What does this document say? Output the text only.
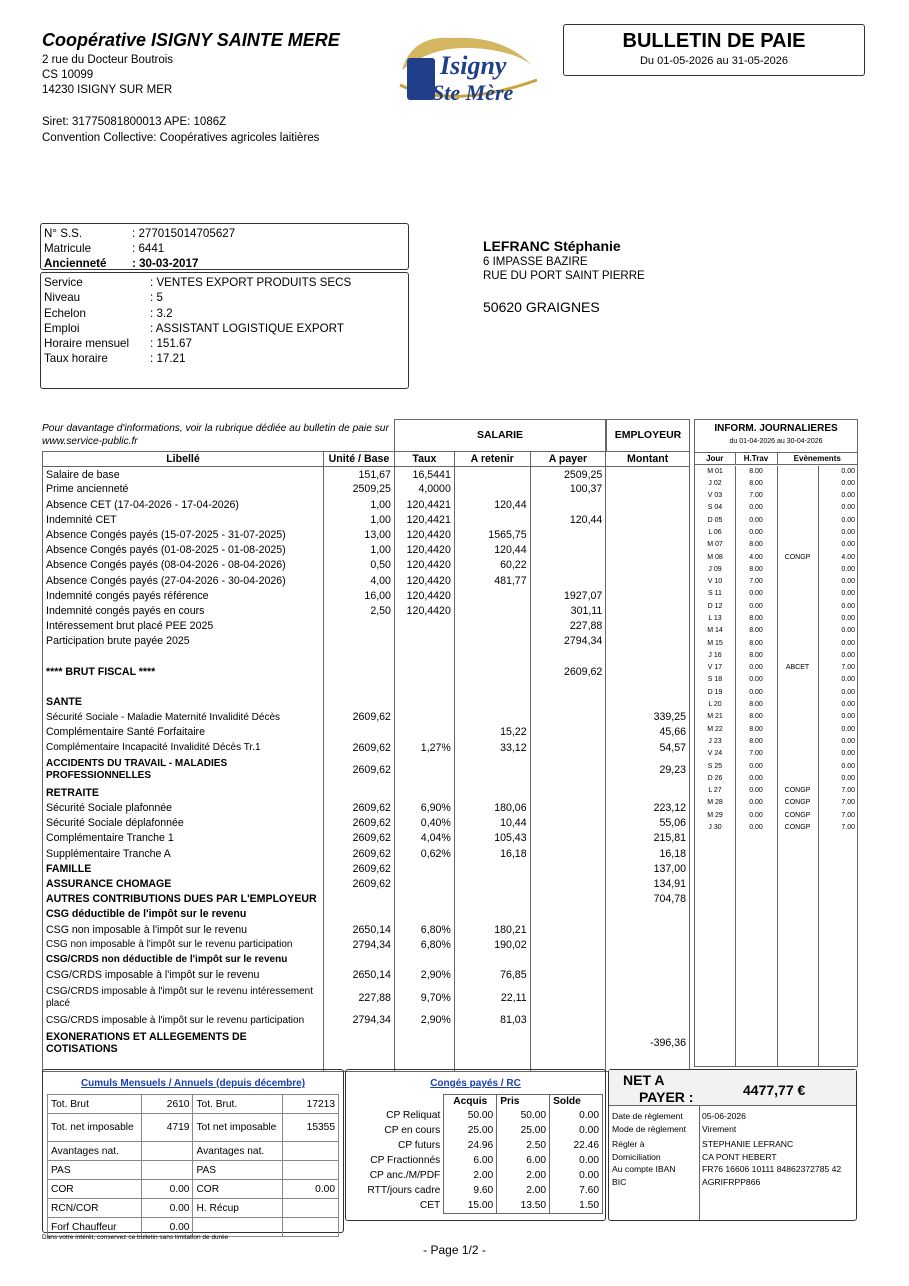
Coopérative ISIGNY SAINTE MERE
2 rue du Docteur Boutrois
CS 10099
14230 ISIGNY SUR MER
Siret: 31775081800013 APE: 1086Z
Convention Collective: Coopératives agricoles laitières
Isigny
Ste Mère
BULLETIN DE PAIE
Du 01-05-2026 au 31-05-2026
N° S.S.	: 277015014705627
Matricule	: 6441
Ancienneté	: 30-03-2017
Service	: VENTES EXPORT PRODUITS SECS
Niveau	: 5
Echelon	: 3.2
Emploi	: ASSISTANT LOGISTIQUE EXPORT
Horaire mensuel	: 151.67
Taux horaire	: 17.21
LEFRANC Stéphanie
6 IMPASSE BAZIRE
RUE DU PORT SAINT PIERRE
50620 GRAIGNES
Pour davantage d'informations, voir la rubrique dédiée au bulletin de paie sur www.service-public.fr
SALARIE	EMPLOYEUR
Libellé	Unité / Base	Taux	A retenir	A payer	Montant
Salaire de base	151,67	16,5441		2509,25	
Prime ancienneté	2509,25	4,0000		100,37	
Absence CET (17-04-2026 - 17-04-2026)	1,00	120,4421	120,44		
Indemnité CET	1,00	120,4421		120,44	
Absence Congés payés (15-07-2025 - 31-07-2025)	13,00	120,4420	1565,75		
Absence Congés payés (01-08-2025 - 01-08-2025)	1,00	120,4420	120,44		
Absence Congés payés (08-04-2026 - 08-04-2026)	0,50	120,4420	60,22		
Absence Congés payés (27-04-2026 - 30-04-2026)	4,00	120,4420	481,77		
Indemnité congés payés référence	16,00	120,4420		1927,07	
Indemnité congés payés en cours	2,50	120,4420		301,11	
Intéressement brut placé PEE 2025				227,88	
Participation brute payée 2025				2794,34	

**** BRUT FISCAL ****				2609,62	

SANTE					
Sécurité Sociale - Maladie Maternité Invalidité Décès	2609,62				339,25
Complémentaire Santé Forfaitaire			15,22		45,66
Complémentaire Incapacité Invalidité Décès Tr.1	2609,62	1,27%	33,12		54,57
ACCIDENTS DU TRAVAIL - MALADIES PROFESSIONNELLES	2609,62				29,23
RETRAITE					
Sécurité Sociale plafonnée	2609,62	6,90%	180,06		223,12
Sécurité Sociale déplafonnée	2609,62	0,40%	10,44		55,06
Complémentaire Tranche 1	2609,62	4,04%	105,43		215,81
Supplémentaire Tranche A	2609,62	0,62%	16,18		16,18
FAMILLE	2609,62				137,00
ASSURANCE CHOMAGE	2609,62				134,91
AUTRES CONTRIBUTIONS DUES PAR L'EMPLOYEUR					704,78
CSG déductible de l'impôt sur le revenu					
CSG non imposable à l'impôt sur le revenu	2650,14	6,80%	180,21		
CSG non imposable à l'impôt sur le revenu participation	2794,34	6,80%	190,02		
CSG/CRDS non déductible de l'impôt sur le revenu					
CSG/CRDS imposable à l'impôt sur le revenu	2650,14	2,90%	76,85		
CSG/CRDS imposable à l'impôt sur le revenu intéressement placé	227,88	9,70%	22,11		
CSG/CRDS imposable à l'impôt sur le revenu participation	2794,34	2,90%	81,03		
EXONERATIONS ET ALLEGEMENTS DE COTISATIONS					-396,36

INFORM. JOURNALIERES
du 01-04-2026 au 30-04-2026
Jour	H.Trav	Evènements	
M 01	8.00		0.00
J 02	8.00		0.00
V 03	7.00		0.00
S 04	0.00		0.00
D 05	0.00		0.00
L 06	0.00		0.00
M 07	8.00		0.00
M 08	4.00	CONGP	4.00
J 09	8.00		0.00
V 10	7.00		0.00
S 11	0.00		0.00
D 12	0.00		0.00
L 13	8.00		0.00
M 14	8.00		0.00
M 15	8.00		0.00
J 16	8.00		0.00
V 17	0.00	ABCET	7.00
S 18	0.00		0.00
D 19	0.00		0.00
L 20	8.00		0.00
M 21	8.00		0.00
M 22	8.00		0.00
J 23	8.00		0.00
V 24	7.00		0.00
S 25	0.00		0.00
D 26	0.00		0.00
L 27	0.00	CONGP	7.00
M 28	0.00	CONGP	7.00
M 29	0.00	CONGP	7.00
J 30	0.00	CONGP	7.00
Cumuls Mensuels / Annuels (depuis décembre)
Tot. Brut	2610	Tot. Brut.	17213
Tot. net imposable	4719	Tot net imposable	15355
Avantages nat.		Avantages nat.	
PAS		PAS	
COR	0.00	COR	0.00
RCN/COR	0.00	H. Récup	
Forf Chauffeur	0.00		
Congés payés / RC
	Acquis	Pris	Solde
CP Reliquat	50.00	50.00	0.00
CP en cours	25.00	25.00	0.00
CP futurs	24.96	2.50	22.46
CP Fractionnés	6.00	6.00	0.00
CP anc./M/PDF	2.00	2.00	0.00
RTT/jours cadre	9.60	2.00	7.60
CET	15.00	13.50	1.50
NET A
PAYER :	4477,77 €
Date de règlement	05-06-2026
Mode de règlement	Virement
Régler à	STEPHANIE LEFRANC
Domiciliation	CA PONT HEBERT
Au compte IBAN	FR76 16606 10111 84862372785 42
BIC	AGRIFRPP866
Dans votre intérêt, conservez ce bulletin sans limitation de durée
- Page 1/2 -
